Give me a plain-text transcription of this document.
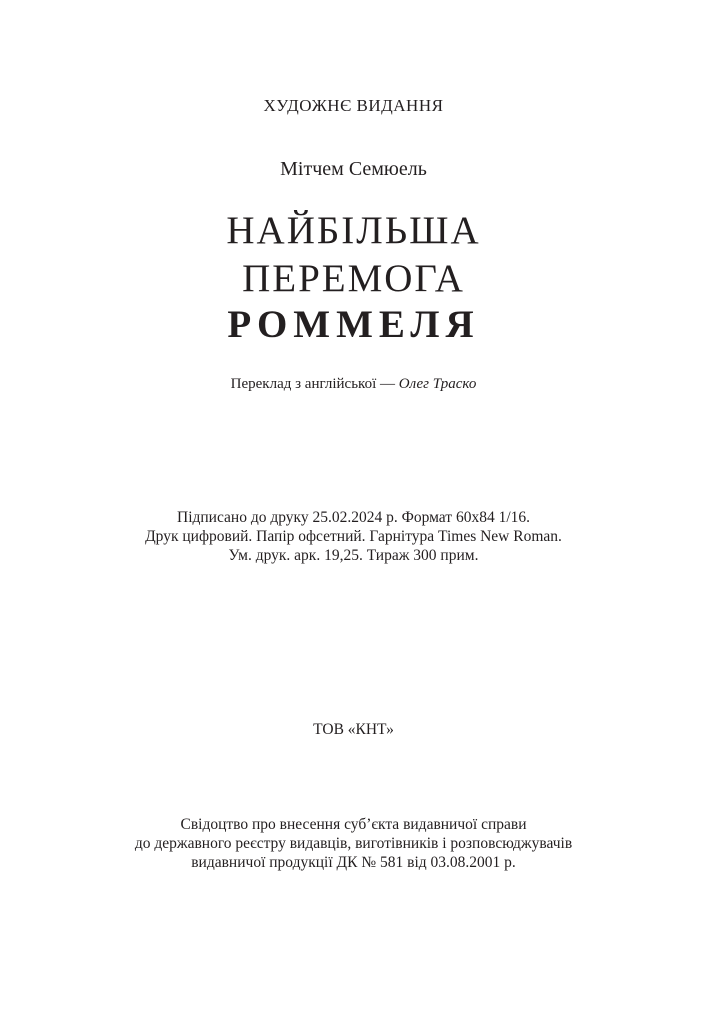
ХУДОЖНЄ ВИДАННЯ
Мітчем Семюель
НАЙБІЛЬША
ПЕРЕМОГА
РОММЕЛЯ
Переклад з англійської — Олег Траско
Підписано до друку 25.02.2024 р. Формат 60х84 1/16.
Друк цифровий. Папір офсетний. Гарнітура Times New Roman.
Ум. друк. арк. 19,25. Тираж 300 прим.
ТОВ «КНТ»
Свідоцтво про внесення суб’єкта видавничої справи
до державного реєстру видавців, виготівників і розповсюджувачів
видавничої продукції ДК № 581 від 03.08.2001 р.
